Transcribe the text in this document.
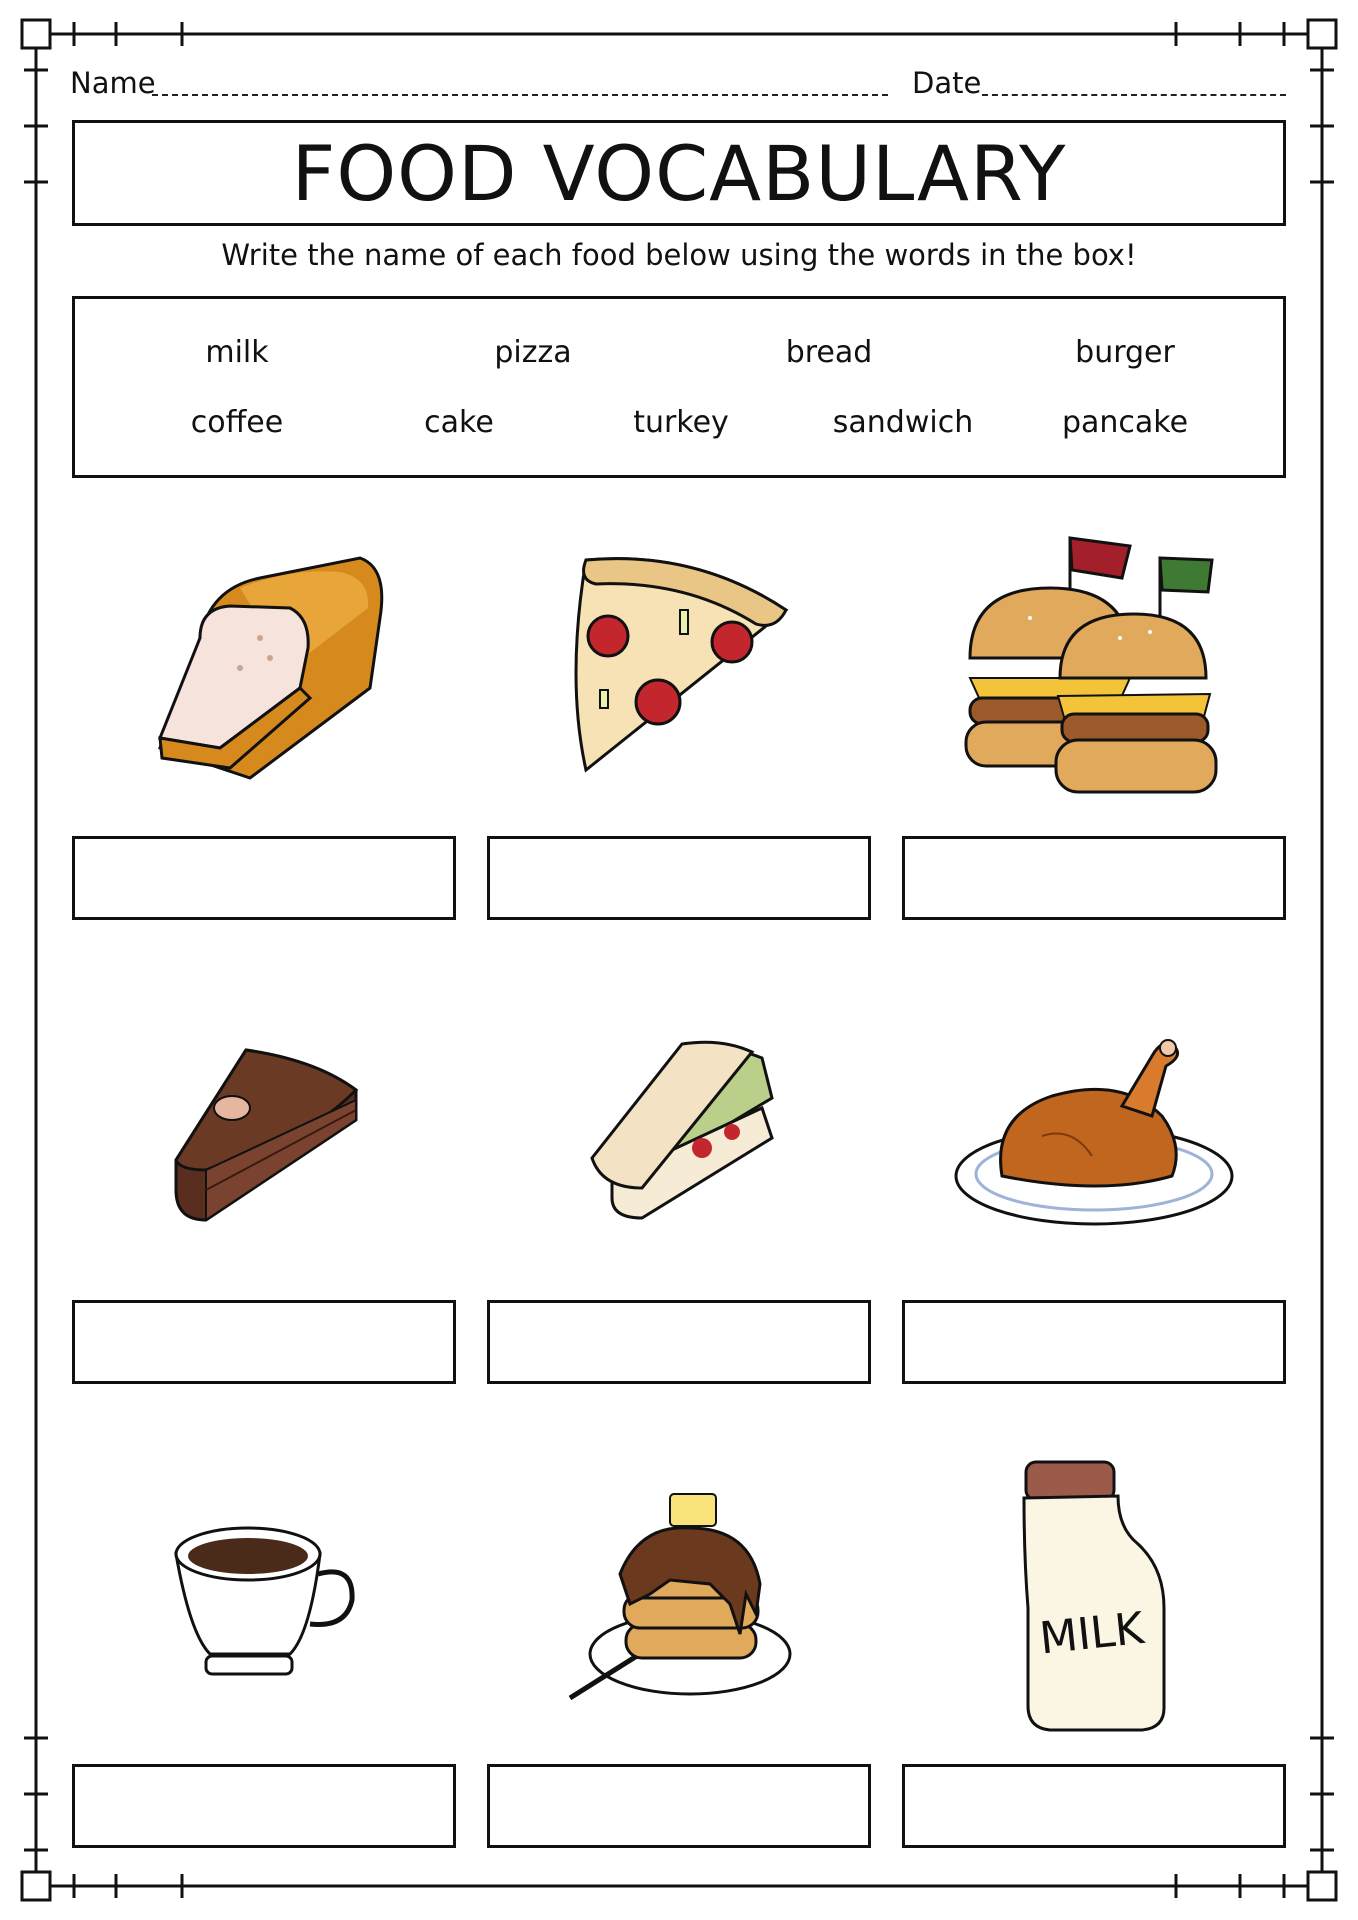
Name	Date
FOOD VOCABULARY
Write the name of each food below using the words in the box!
milk	pizza	bread	burger
coffee	cake	turkey	sandwich	pancake
MILK
